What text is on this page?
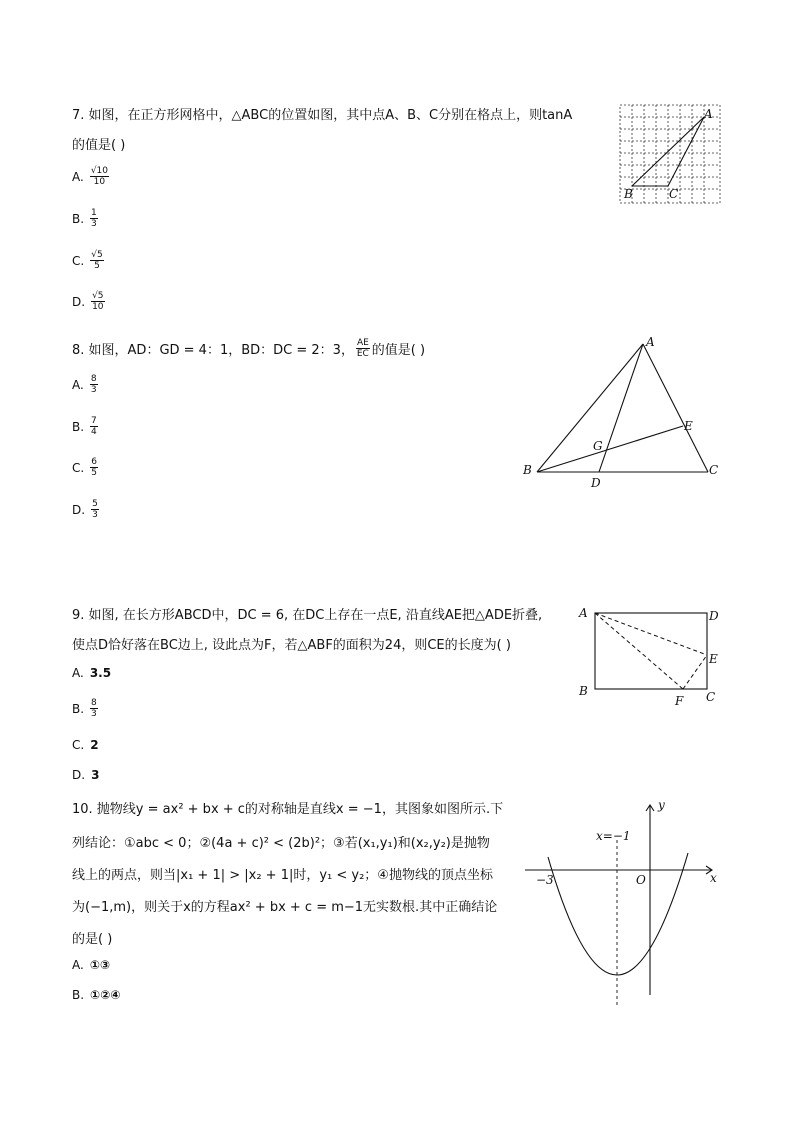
7. 如图，在正方形网格中，△ABC的位置如图，其中点A、B、C分别在格点上，则tanA
的值是( )
A. $\frac{√10}{10}$
B. $\frac{1}{3}$
C. $\frac{√5}{5}$
D. $\frac{√5}{10}$
A
B	C
8. 如图，AD：GD = 4：1，BD：DC = 2：3， $\frac{AE}{EC}$ 的值是( )
A. $\frac{8}{3}$
B. $\frac{7}{4}$
C. $\frac{6}{5}$
D. $\frac{5}{3}$
A
B	C
D
E
G
9. 如图, 在长方形ABCD中，DC = 6, 在DC上存在一点E, 沿直线AE把△ADE折叠,
使点D恰好落在BC边上, 设此点为F，若△ABF的面积为24，则CE的长度为( )
A. 3.5
B. $\frac{8}{3}$
C. 2
D. 3
A	D
E
B
F C
10. 抛物线y = ax² + bx + c的对称轴是直线x = −1，其图象如图所示.下
列结论：①abc < 0；②(4a + c)² < (2b)²；③若(x₁,y₁)和(x₂,y₂)是抛物
线上的两点，则当|x₁ + 1| > |x₂ + 1|时，y₁ < y₂；④抛物线的顶点坐标
为(−1,m)，则关于x的方程ax² + bx + c = m−1无实数根.其中正确结论
的是( )
A. ①③
B. ①②④
x=−1
y
x
O
−3
